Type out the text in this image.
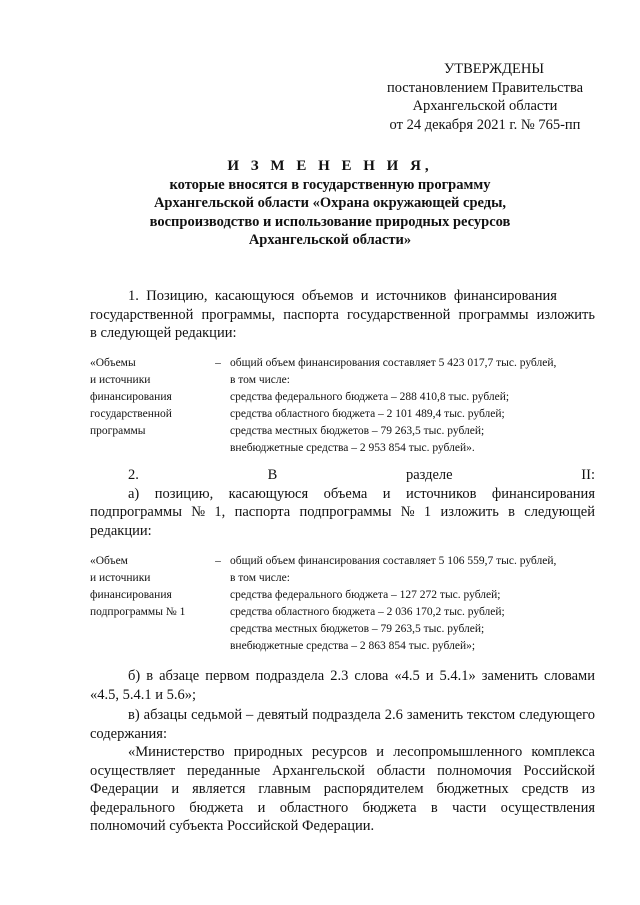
УТВЕРЖДЕНЫ
постановлением Правительства
Архангельской области
от 24 декабря 2021 г. № 765-пп
И З М Е Н Е Н И Я,
которые вносятся в государственную программу
Архангельской области «Охрана окружающей среды,
воспроизводство и использование природных ресурсов
Архангельской области»
1. Позицию, касающуюся объемов и источников финансирования
государственной программы, паспорта государственной программы изложить
в следующей редакции:
«Объемы
и источники
финансирования
государственной
программы
– общий объем финансирования составляет 5 423 017,7 тыс. рублей,
в том числе:
средства федерального бюджета – 288 410,8 тыс. рублей;
средства областного бюджета – 2 101 489,4 тыс. рублей;
средства местных бюджетов – 79 263,5 тыс. рублей;
внебюджетные средства – 2 953 854 тыс. рублей».
2. В разделе II:
а) позицию, касающуюся объема и источников финансирования
подпрограммы № 1, паспорта подпрограммы № 1 изложить в следующей
редакции:
«Объем
и источники
финансирования
подпрограммы № 1
– общий объем финансирования составляет 5 106 559,7 тыс. рублей,
в том числе:
средства федерального бюджета – 127 272 тыс. рублей;
средства областного бюджета – 2 036 170,2 тыс. рублей;
средства местных бюджетов – 79 263,5 тыс. рублей;
внебюджетные средства – 2 863 854 тыс. рублей»;
б) в абзаце первом подраздела 2.3 слова «4.5 и 5.4.1» заменить словами
«4.5, 5.4.1 и 5.6»;
в) абзацы седьмой – девятый подраздела 2.6 заменить текстом следующего
содержания:
«Министерство природных ресурсов и лесопромышленного комплекса
осуществляет переданные Архангельской области полномочия Российской
Федерации и является главным распорядителем бюджетных средств из
федерального бюджета и областного бюджета в части осуществления
полномочий субъекта Российской Федерации.
